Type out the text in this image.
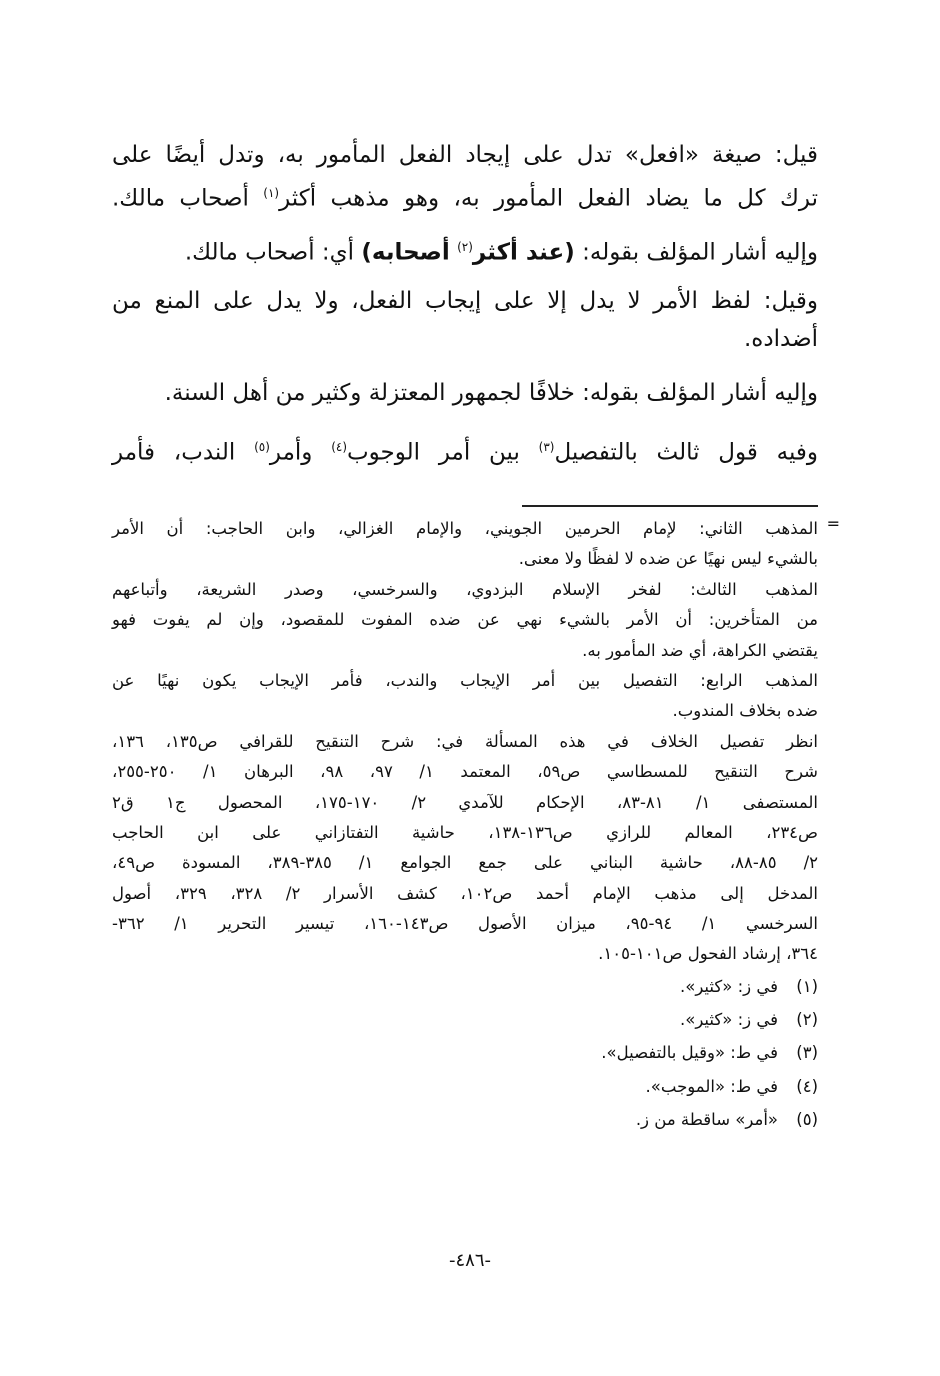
قيل: صيغة «افعل» تدل على إيجاد الفعل المأمور به، وتدل أيضًا على
ترك كل ما يضاد الفعل المأمور به، وهو مذهب أكثر$^{(١)}$ أصحاب مالك.
وإليه أشار المؤلف بقوله: (عند أكثر$^{(٢)}$ أصحابه) أي: أصحاب مالك.
وقيل: لفظ الأمر لا يدل إلا على إيجاب الفعل، ولا يدل على المنع من
أضداده.
وإليه أشار المؤلف بقوله: خلافًا لجمهور المعتزلة وكثير من أهل السنة.
وفيه قول ثالث بالتفصيل$^{(٣)}$ بين أمر الوجوب$^{(٤)}$ وأمر$^{(٥)}$ الندب، فأمر
=
المذهب الثاني: لإمام الحرمين الجويني، والإمام الغزالي، وابن الحاجب: أن الأمر
بالشيء ليس نهيًا عن ضده لا لفظًا ولا معنى.
المذهب الثالث: لفخر الإسلام البزدوي، والسرخسي، وصدر الشريعة، وأتباعهم
من المتأخرين: أن الأمر بالشيء نهي عن ضده المفوت للمقصود، وإن لم يفوت فهو
يقتضي الكراهة، أي ضد المأمور به.
المذهب الرابع: التفصيل بين أمر الإيجاب والندب، فأمر الإيجاب يكون نهيًا عن
ضده بخلاف المندوب.
انظر تفصيل الخلاف في هذه المسألة في: شرح التنقيح للقرافي ص١٣٥، ١٣٦،
شرح التنقيح للمسطاسي ص٥٩، المعتمد ١/ ٩٧، ٩٨، البرهان ١/ ٢٥٠-٢٥٥،
المستصفى ١/ ٨١-٨٣، الإحكام للآمدي ٢/ ١٧٠-١٧٥، المحصول ج١ ق٢
ص٢٣٤، المعالم للرازي ص١٣٦-١٣٨، حاشية التفتازاني على ابن الحاجب
٢/ ٨٥-٨٨، حاشية البناني على جمع الجوامع ١/ ٣٨٥-٣٨٩، المسودة ص٤٩،
المدخل إلى مذهب الإمام أحمد ص١٠٢، كشف الأسرار ٢/ ٣٢٨، ٣٢٩، أصول
السرخسي ١/ ٩٤-٩٥، ميزان الأصول ص١٤٣-١٦٠، تيسير التحرير ١/ ٣٦٢-
٣٦٤، إرشاد الفحول ص١٠١-١٠٥.
(١)في ز: «كثير».
(٢)في ز: «كثير».
(٣)في ط: «وقيل بالتفصيل».
(٤)في ط: «الموجب».
(٥)«أمر» ساقطة من ز.
-٤٨٦-
